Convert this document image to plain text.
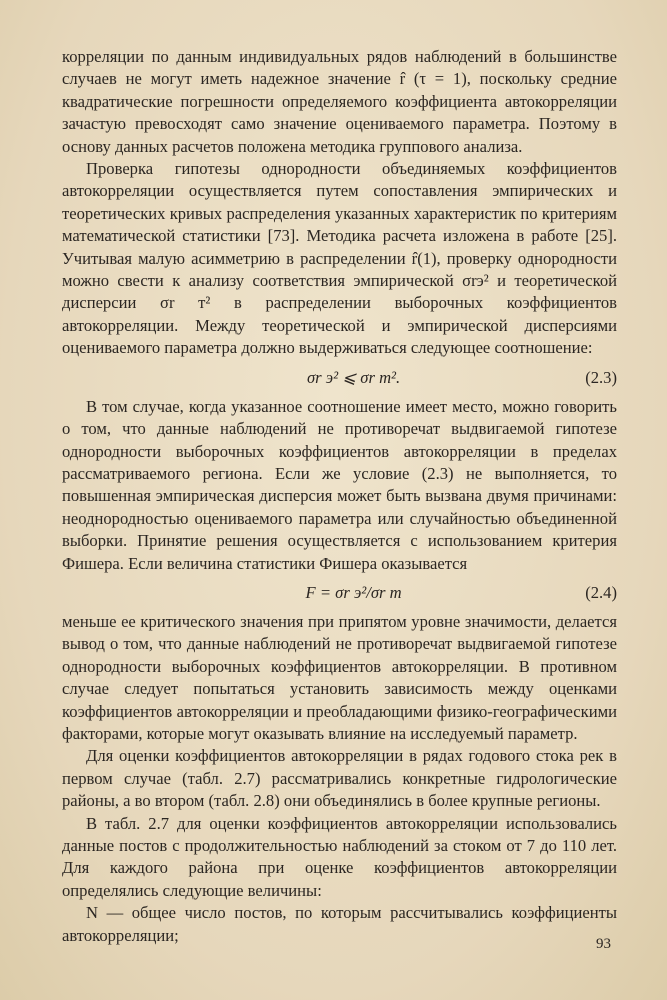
корреляции по данным индивидуальных рядов наблюдений в большинстве случаев не могут иметь надежное значение r̂ (τ = 1), поскольку средние квадратические погрешности определяемого коэффициента автокорреляции зачастую превосходят само значение оцениваемого параметра. Поэтому в основу данных расчетов положена методика группового анализа.

Проверка гипотезы однородности объединяемых коэффициентов автокорреляции осуществляется путем сопоставления эмпирических и теоретических кривых распределения указанных характеристик по критериям математической статистики [73]. Методика расчета изложена в работе [25]. Учитывая малую асимметрию в распределении r̂(1), проверку однородности можно свести к анализу соответствия эмпирической σrэ² и теоретической дисперсии σr т² в распределении выборочных коэффициентов автокорреляции. Между теоретической и эмпирической дисперсиями оцениваемого параметра должно выдерживаться следующее соотношение:

σr э² ⩽ σr т².	(2.3)

В том случае, когда указанное соотношение имеет место, можно говорить о том, что данные наблюдений не противоречат выдвигаемой гипотезе однородности выборочных коэффициентов автокорреляции в пределах рассматриваемого региона. Если же условие (2.3) не выполняется, то повышенная эмпирическая дисперсия может быть вызвана двумя причинами: неоднородностью оцениваемого параметра или случайностью объединенной выборки. Принятие решения осуществляется с использованием критерия Фишера. Если величина статистики Фишера оказывается

F = σr э²/σr т	(2.4)

меньше ее критического значения при припятом уровне значимости, делается вывод о том, что данные наблюдений не противоречат выдвигаемой гипотезе однородности выборочных коэффициентов автокорреляции. В противном случае следует попытаться установить зависимость между оценками коэффициентов автокорреляции и преобладающими физико-географическими факторами, которые могут оказывать влияние на исследуемый параметр.

Для оценки коэффициентов автокорреляции в рядах годового стока рек в первом случае (табл. 2.7) рассматривались конкретные гидрологические районы, а во втором (табл. 2.8) они объединялись в более крупные регионы.

В табл. 2.7 для оценки коэффициентов автокорреляции использовались данные постов с продолжительностью наблюдений за стоком от 7 до 110 лет. Для каждого района при оценке коэффициентов автокорреляции определялись следующие величины:

N — общее число постов, по которым рассчитывались коэффициенты автокорреляции;	93
